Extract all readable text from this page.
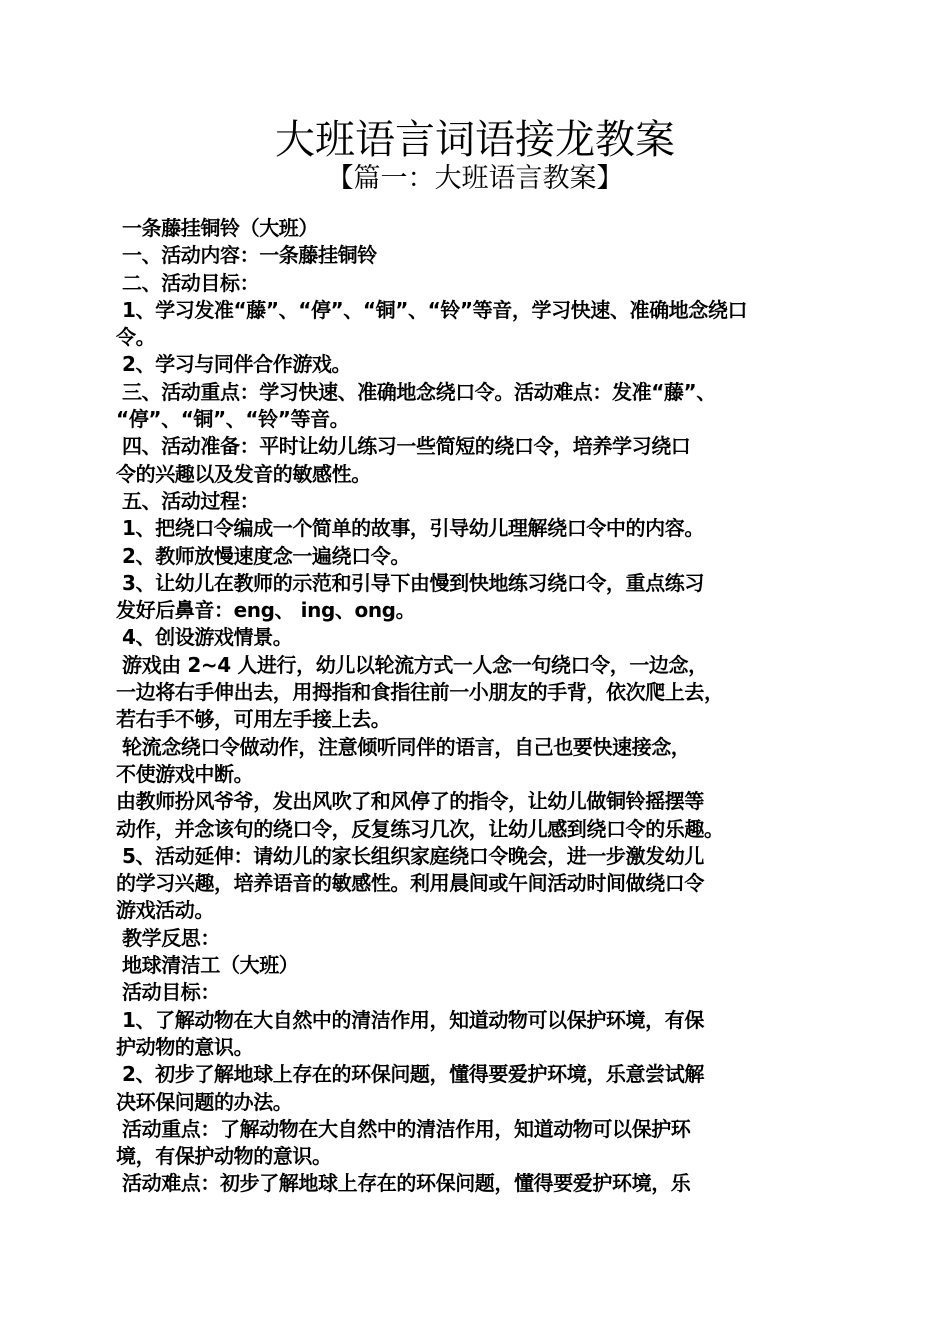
大班语言词语接龙教案
【篇一：大班语言教案】
一条藤挂铜铃（大班）
一、活动内容：一条藤挂铜铃
二、活动目标：
1、学习发准“藤”、“停”、“铜”、“铃”等音，学习快速、准确地念绕口
令。
2、学习与同伴合作游戏。
三、活动重点：学习快速、准确地念绕口令。活动难点：发准“藤”、
“停”、“铜”、“铃”等音。
四、活动准备：平时让幼儿练习一些简短的绕口令，培养学习绕口
令的兴趣以及发音的敏感性。
五、活动过程：
1、把绕口令编成一个简单的故事，引导幼儿理解绕口令中的内容。
2、教师放慢速度念一遍绕口令。
3、让幼儿在教师的示范和引导下由慢到快地练习绕口令，重点练习
发好后鼻音：eng、 ing、ong。
4、创设游戏情景。
游戏由 2~4 人进行，幼儿以轮流方式一人念一句绕口令，一边念，
一边将右手伸出去，用拇指和食指往前一小朋友的手背，依次爬上去，
若右手不够，可用左手接上去。
轮流念绕口令做动作，注意倾听同伴的语言，自己也要快速接念，
不使游戏中断。
由教师扮风爷爷，发出风吹了和风停了的指令，让幼儿做铜铃摇摆等
动作，并念该句的绕口令，反复练习几次，让幼儿感到绕口令的乐趣。
5、活动延伸：请幼儿的家长组织家庭绕口令晚会，进一步激发幼儿
的学习兴趣，培养语音的敏感性。利用晨间或午间活动时间做绕口令
游戏活动。
教学反思：
地球清洁工（大班）
活动目标：
1、了解动物在大自然中的清洁作用，知道动物可以保护环境，有保
护动物的意识。
2、初步了解地球上存在的环保问题，懂得要爱护环境，乐意尝试解
决环保问题的办法。
活动重点：了解动物在大自然中的清洁作用，知道动物可以保护环
境，有保护动物的意识。
活动难点：初步了解地球上存在的环保问题，懂得要爱护环境，乐
